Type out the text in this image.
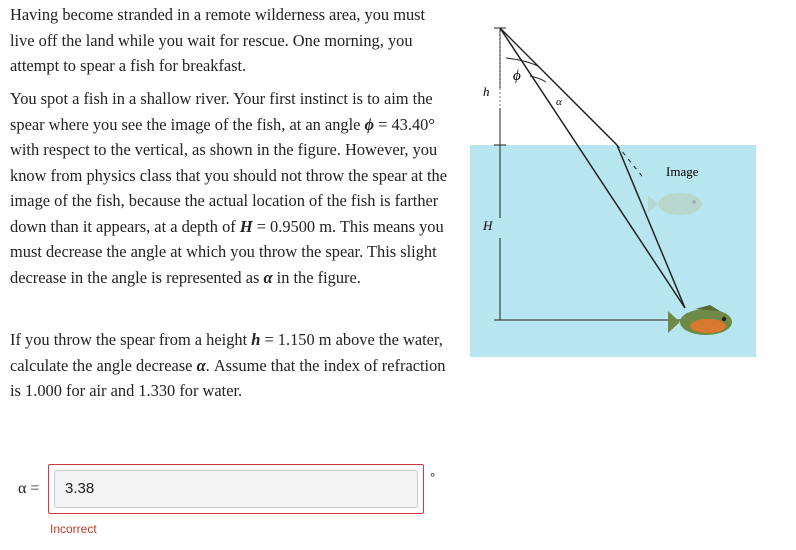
Having become stranded in a remote wilderness area, you must live off the land while you wait for rescue. One morning, you attempt to spear a fish for breakfast.

You spot a fish in a shallow river. Your first instinct is to aim the spear where you see the image of the fish, at an angle ϕ = 43.40° with respect to the vertical, as shown in the figure. However, you know from physics class that you should not throw the spear at the image of the fish, because the actual location of the fish is farther down than it appears, at a depth of H = 0.9500 m. This means you must decrease the angle at which you throw the spear. This slight decrease in the angle is represented as α in the figure.

If you throw the spear from a height h = 1.150 m above the water, calculate the angle decrease α. Assume that the index of refraction is 1.000 for air and 1.330 for water.

h
H
ϕ
α
Image
α =	3.38
°
Incorrect
